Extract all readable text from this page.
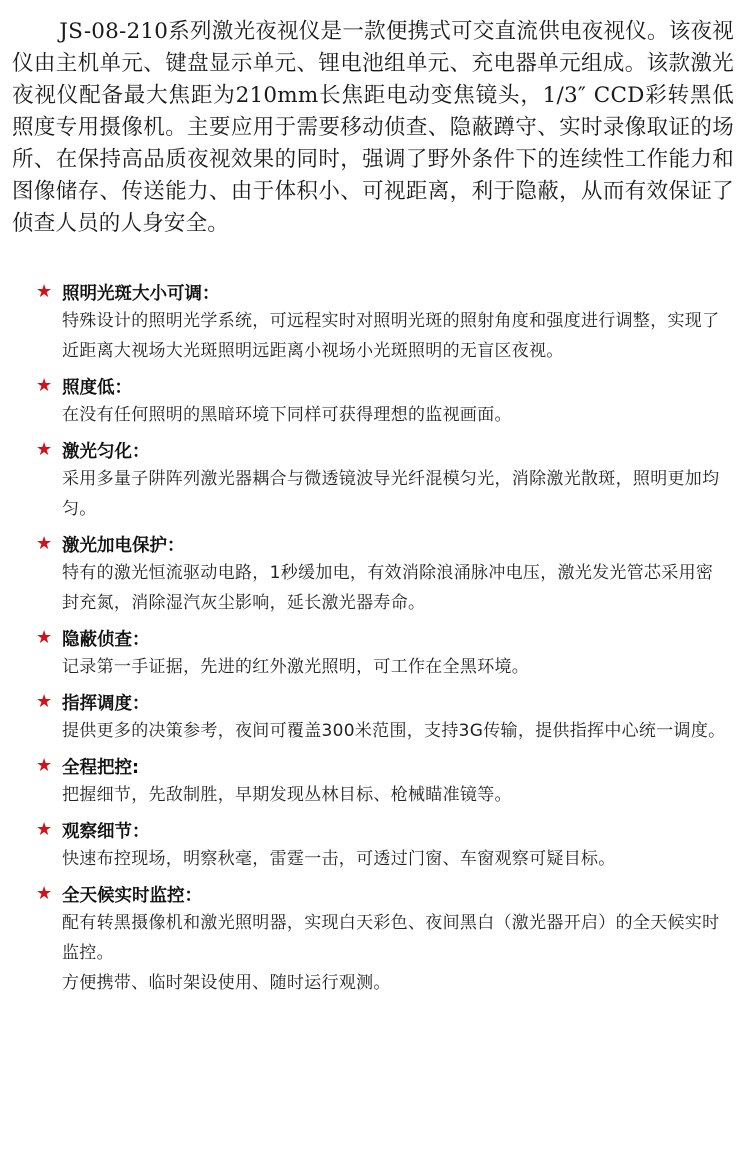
JS-08-210系列激光夜视仪是一款便携式可交直流供电夜视仪。该夜视仪由主机单元、键盘显示单元、锂电池组单元、充电器单元组成。该款激光夜视仪配备最大焦距为210mm长焦距电动变焦镜头，1/3″ CCD彩转黑低照度专用摄像机。主要应用于需要移动侦查、隐蔽蹲守、实时录像取证的场所、在保持高品质夜视效果的同时，强调了野外条件下的连续性工作能力和图像储存、传送能力、由于体积小、可视距离，利于隐蔽，从而有效保证了侦查人员的人身安全。

★ 照明光斑大小可调：

特殊设计的照明光学系统，可远程实时对照明光斑的照射角度和强度进行调整，实现了近距离大视场大光斑照明远距离小视场小光斑照明的无盲区夜视。

★ 照度低：

在没有任何照明的黑暗环境下同样可获得理想的监视画面。

★ 激光匀化：

采用多量子阱阵列激光器耦合与微透镜波导光纤混模匀光，消除激光散斑，照明更加均匀。

★ 激光加电保护：

特有的激光恒流驱动电路，1秒缓加电，有效消除浪涌脉冲电压，激光发光管芯采用密封充氮，消除湿汽灰尘影响，延长激光器寿命。

★ 隐蔽侦查：

记录第一手证据，先进的红外激光照明，可工作在全黑环境。

★ 指挥调度：

提供更多的决策参考，夜间可覆盖300米范围，支持3G传输，提供指挥中心统一调度。

★ 全程把控:

把握细节，先敌制胜，早期发现丛林目标、枪械瞄准镜等。

★ 观察细节：

快速布控现场，明察秋毫，雷霆一击，可透过门窗、车窗观察可疑目标。

★ 全天候实时监控：

配有转黑摄像机和激光照明器，实现白天彩色、夜间黑白（激光器开启）的全天候实时监控。

方便携带、临时架设使用、随时运行观测。
